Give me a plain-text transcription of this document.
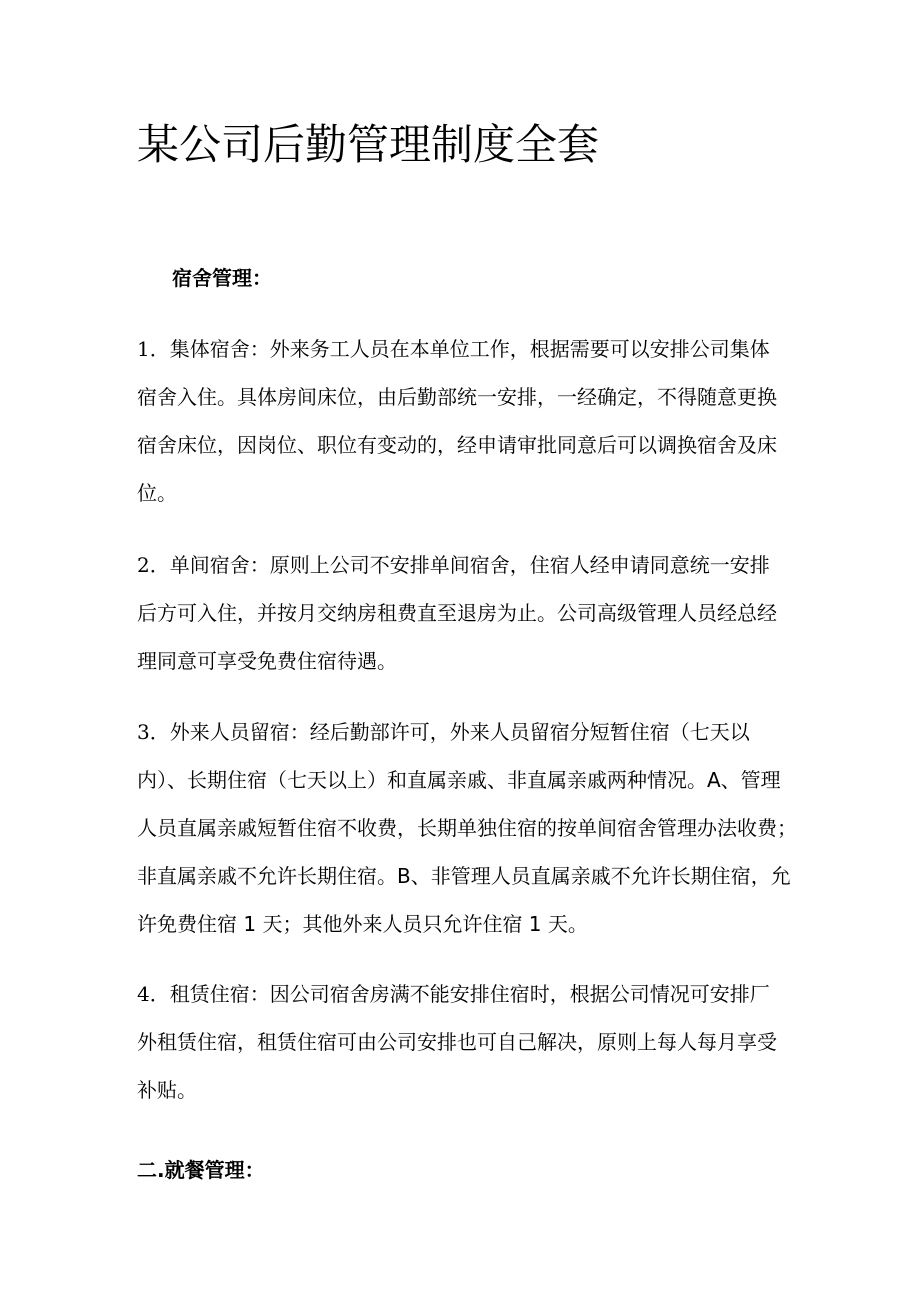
某公司后勤管理制度全套
宿舍管理：

1．集体宿舍：外来务工人员在本单位工作，根据需要可以安排公司集体
宿舍入住。具体房间床位，由后勤部统一安排，一经确定，不得随意更换
宿舍床位，因岗位、职位有变动的，经申请审批同意后可以调换宿舍及床
位。

2．单间宿舍：原则上公司不安排单间宿舍，住宿人经申请同意统一安排
后方可入住，并按月交纳房租费直至退房为止。公司高级管理人员经总经
理同意可享受免费住宿待遇。

3．外来人员留宿：经后勤部许可，外来人员留宿分短暂住宿（七天以
内）、长期住宿（七天以上）和直属亲戚、非直属亲戚两种情况。A、管理
人员直属亲戚短暂住宿不收费，长期单独住宿的按单间宿舍管理办法收费；
非直属亲戚不允许长期住宿。B、非管理人员直属亲戚不允许长期住宿，允
许免费住宿 1 天；其他外来人员只允许住宿 1 天。

4．租赁住宿：因公司宿舍房满不能安排住宿时，根据公司情况可安排厂
外租赁住宿，租赁住宿可由公司安排也可自己解决，原则上每人每月享受
补贴。

二.就餐管理：
